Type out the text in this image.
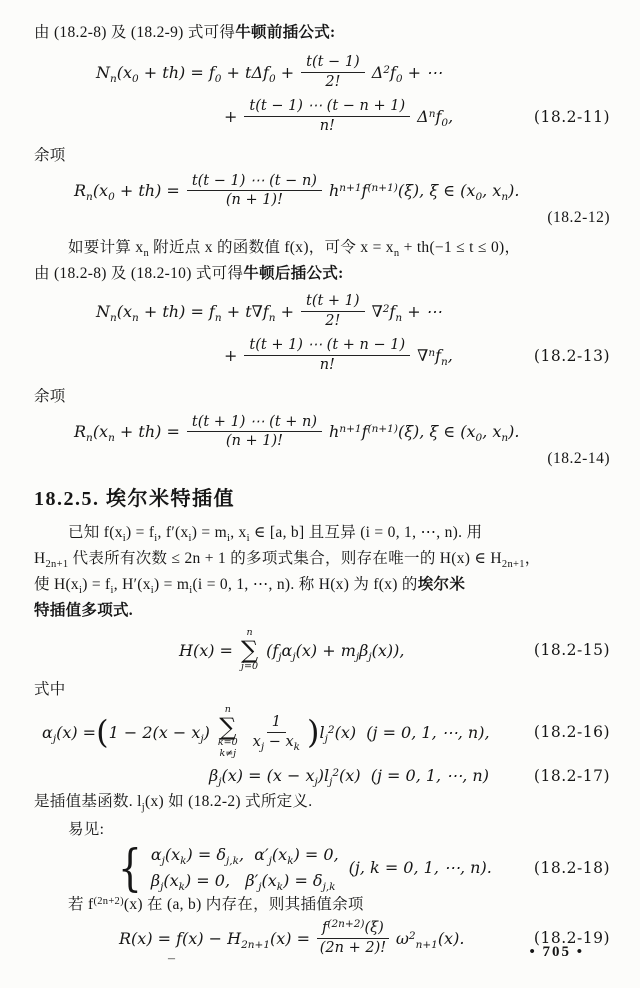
由 (18.2-8) 及 (18.2-9) 式可得牛顿前插公式:
$N_n(x_0 + th) = f_0 + t\Delta f_0 + \frac{t(t - 1)}{2!} \Delta^2f_0$ + ⋯
+ $\frac{t(t - 1) \cdots (t - n + 1)}{n!} \Delta^nf_0$,	(18.2-11)
余项
$R_n(x_0 + th) = \frac{t(t - 1) \cdots (t - n)}{(n + 1)!} h^{n+1}f^{(n+1)}(\xi)$, ξ ∈ ($x_0$, $x_n$).
(18.2-12)
如要计算 $x_n$ 附近点 x 的函数值 f(x)，可令 $x = x_n + th(-1 \le t \le 0)$，
由 (18.2-8) 及 (18.2-10) 式可得牛顿后插公式:
$N_n(x_n + th) = f_n + t\nabla f_n + \frac{t(t + 1)}{2!} \nabla^2f_n$ + ⋯
+ $\frac{t(t + 1) \cdots (t + n - 1)}{n!} \nabla^nf_n$,	(18.2-13)
余项
$R_n(x_n + th) = \frac{t(t + 1) \cdots (t + n)}{(n + 1)!} h^{n+1}f^{(n+1)}(\xi)$, ξ ∈ ($x_0$, $x_n$).
(18.2-14)
18.2.5. 埃尔米特插值
已知 $f(x_i) = f_i$, $f'(x_i) = m_i$, $x_i$ ∈ [a, b] 且互异 (i = 0, 1, ⋯, n). 用
$H_{2n+1}$ 代表所有次数 ≤ 2n + 1 的多项式集合，则存在唯一的 H(x) ∈ $H_{2n+1}$，
使 $H(x_i) = f_i$, $H'(x_i) = m_i(i = 0$, 1, ⋯, n). 称 H(x) 为 f(x) 的埃尔米
特插值多项式.
H(x) =
n
∑
j=0
$(f_j\alpha_j(x) + m_j\beta_j(x))$,	(18.2-15)
式中
$\alpha_j(x)$ = ( $1 - 2(x - x_j)$
n
∑
k=0
k≠j
$\frac{1}{x_j - x_k}$ ) $l_j^2(x) (j = 0$, 1, ⋯, n),	(18.2-16)
$\beta_j(x) = (x - x_j)l_j^2(x) (j = 0$, 1, ⋯, n)	(18.2-17)
是插值基函数. $l_j(x)$ 如 (18.2-2) 式所定义.
易见:
{ $\alpha_j(x_k) = \delta_{j,k}$,  $\alpha'_j(x_k) = 0$,
$\beta_j(x_k) = 0$,   $\beta'_j(x_k) = \delta_{j,k}$
(j, k = 0, 1, ⋯, n).	(18.2-18)
若 $f^{(2n+2)}(x)$ 在 (a, b) 内存在，则其插值余项
$R(x) = f(x) - H_{2n+1}(x) = \frac{f^{(2n+2)}(\xi)}{(2n + 2)!} \omega^2_{n+1}(x)$.	(18.2-19)
–	• 705 •
